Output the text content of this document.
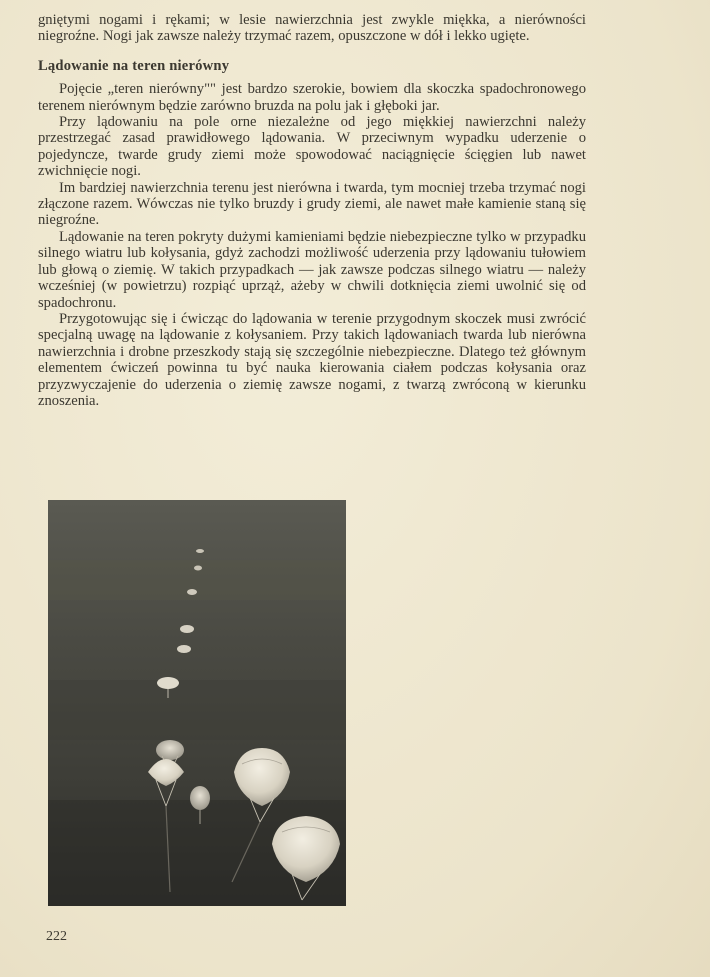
gniętymi nogami i rękami; w lesie nawierzchnia jest zwykle miękka, a nierówności niegroźne. Nogi jak zawsze należy trzymać razem, opuszczone w dół i lekko ugięte.

Lądowanie na teren nierówny

Pojęcie „teren nierówny"" jest bardzo szerokie, bowiem dla skoczka spadochronowego terenem nierównym będzie zarówno bruzda na polu jak i głęboki jar.

Przy lądowaniu na pole orne niezależne od jego miękkiej nawierzchni należy przestrzegać zasad prawidłowego lądowania. W przeciwnym wypadku uderzenie o pojedyncze, twarde grudy ziemi może spowodować naciągnięcie ścięgien lub nawet zwichnięcie nogi.

Im bardziej nawierzchnia terenu jest nierówna i twarda, tym mocniej trzeba trzymać nogi złączone razem. Wówczas nie tylko bruzdy i grudy ziemi, ale nawet małe kamienie staną się niegroźne.

Lądowanie na teren pokryty dużymi kamieniami będzie niebezpieczne tylko w przypadku silnego wiatru lub kołysania, gdyż zachodzi możliwość uderzenia przy lądowaniu tułowiem lub głową o ziemię. W takich przypadkach — jak zawsze podczas silnego wiatru — należy wcześniej (w powietrzu) rozpiąć uprząż, ażeby w chwili dotknięcia ziemi uwolnić się od spadochronu.

Przygotowując się i ćwicząc do lądowania w terenie przygodnym skoczek musi zwrócić specjalną uwagę na lądowanie z kołysaniem. Przy takich lądowaniach twarda lub nierówna nawierzchnia i drobne przeszkody stają się szczególnie niebezpieczne. Dlatego też głównym elementem ćwiczeń powinna tu być nauka kierowania ciałem podczas kołysania oraz przyzwyczajenie do uderzenia o ziemię zawsze nogami, z twarzą zwróconą w kierunku znoszenia.

222
